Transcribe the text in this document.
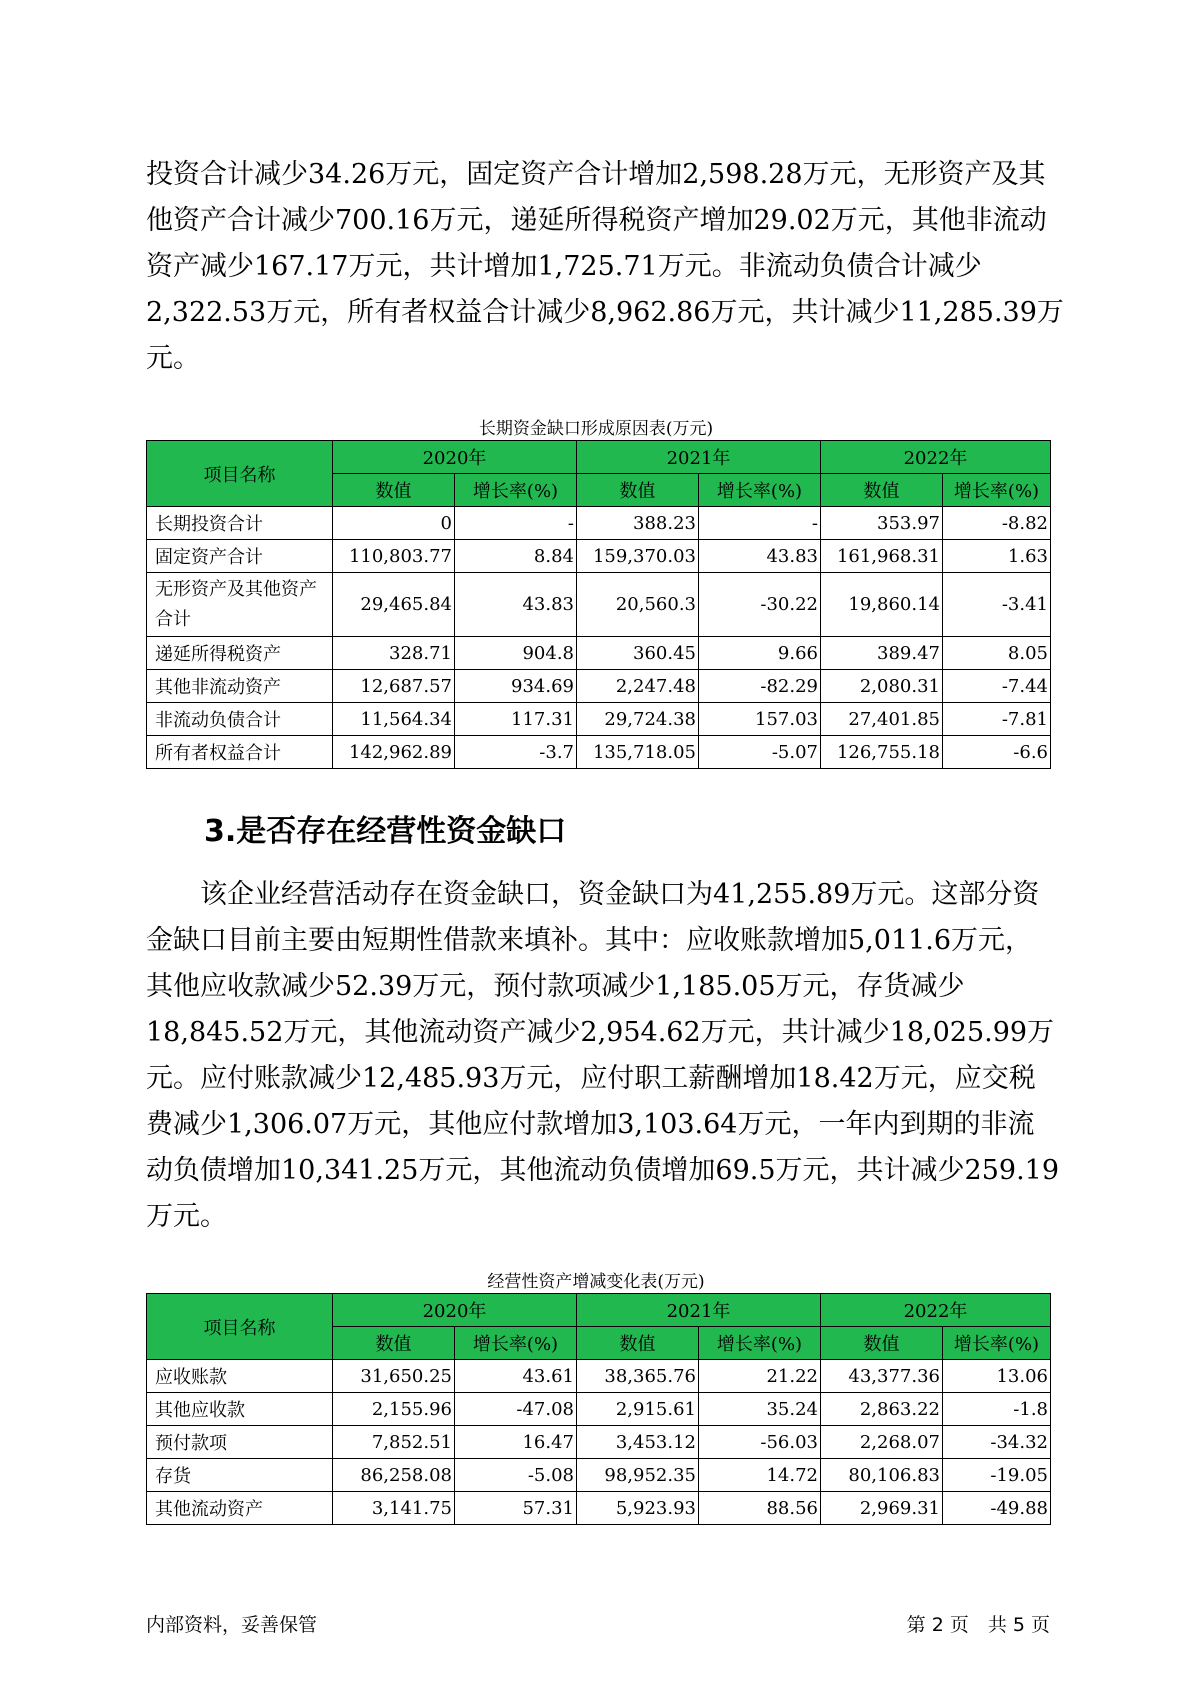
投资合计减少34.26万元，固定资产合计增加2,598.28万元，无形资产及其
他资产合计减少700.16万元，递延所得税资产增加29.02万元，其他非流动
资产减少167.17万元，共计增加1,725.71万元。非流动负债合计减少
2,322.53万元，所有者权益合计减少8,962.86万元，共计减少11,285.39万
元。

长期资金缺口形成原因表(万元)
项目名称	2020年		2021年		2022年	
	数值	增长率(%)	数值	增长率(%)	数值	增长率(%)
长期投资合计	0	-	388.23	-	353.97	-8.82
固定资产合计	110,803.77	8.84	159,370.03	43.83	161,968.31	1.63
无形资产及其他资产合计	29,465.84	43.83	20,560.3	-30.22	19,860.14	-3.41
递延所得税资产	328.71	904.8	360.45	9.66	389.47	8.05
其他非流动资产	12,687.57	934.69	2,247.48	-82.29	2,080.31	-7.44
非流动负债合计	11,564.34	117.31	29,724.38	157.03	27,401.85	-7.81
所有者权益合计	142,962.89	-3.7	135,718.05	-5.07	126,755.18	-6.6
3.是否存在经营性资金缺口

　　该企业经营活动存在资金缺口，资金缺口为41,255.89万元。这部分资
金缺口目前主要由短期性借款来填补。其中：应收账款增加5,011.6万元，
其他应收款减少52.39万元，预付款项减少1,185.05万元，存货减少
18,845.52万元，其他流动资产减少2,954.62万元，共计减少18,025.99万
元。应付账款减少12,485.93万元，应付职工薪酬增加18.42万元，应交税
费减少1,306.07万元，其他应付款增加3,103.64万元，一年内到期的非流
动负债增加10,341.25万元，其他流动负债增加69.5万元，共计减少259.19
万元。

经营性资产增减变化表(万元)
项目名称	2020年		2021年		2022年	
	数值	增长率(%)	数值	增长率(%)	数值	增长率(%)
应收账款	31,650.25	43.61	38,365.76	21.22	43,377.36	13.06
其他应收款	2,155.96	-47.08	2,915.61	35.24	2,863.22	-1.8
预付款项	7,852.51	16.47	3,453.12	-56.03	2,268.07	-34.32
存货	86,258.08	-5.08	98,952.35	14.72	80,106.83	-19.05
其他流动资产	3,141.75	57.31	5,923.93	88.56	2,969.31	-49.88
内部资料，妥善保管	第 2 页　共 5 页
